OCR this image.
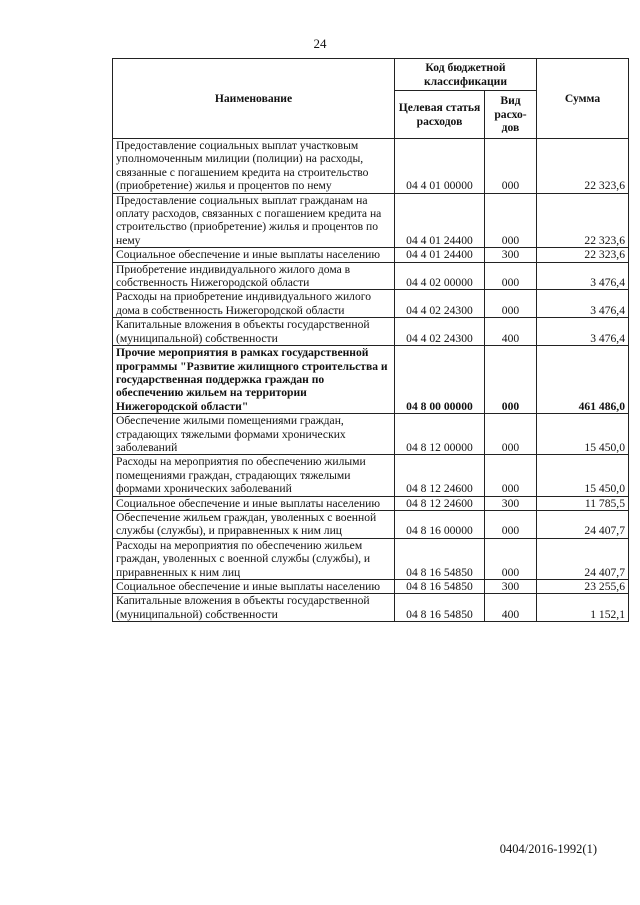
24
Наименование	Код бюджетной классификации		Сумма
	Целевая статья расходов	Вид расхо-дов	
Предоставление социальных выплат участковым уполномоченным милиции (полиции) на расходы, связанные с погашением кредита на строительство (приобретение) жилья и процентов по нему	04 4 01 00000	000	22 323,6
Предоставление социальных выплат гражданам на оплату расходов, связанных с погашением кредита на строительство (приобретение) жилья и процентов по нему	04 4 01 24400	000	22 323,6
Социальное обеспечение и иные выплаты населению	04 4 01 24400	300	22 323,6
Приобретение индивидуального жилого дома в собственность Нижегородской области	04 4 02 00000	000	3 476,4
Расходы на приобретение индивидуального жилого дома в собственность Нижегородской области	04 4 02 24300	000	3 476,4
Капитальные вложения в объекты государственной (муниципальной) собственности	04 4 02 24300	400	3 476,4
Прочие мероприятия в рамках государственной программы "Развитие жилищного строительства и государственная поддержка граждан по обеспечению жильем на территории Нижегородской области"	04 8 00 00000	000	461 486,0
Обеспечение жилыми помещениями граждан, страдающих тяжелыми формами хронических заболеваний	04 8 12 00000	000	15 450,0
Расходы на мероприятия по обеспечению жилыми помещениями граждан, страдающих тяжелыми формами хронических заболеваний	04 8 12 24600	000	15 450,0
Социальное обеспечение и иные выплаты населению	04 8 12 24600	300	11 785,5
Обеспечение жильем граждан, уволенных с военной службы (службы), и приравненных к ним лиц	04 8 16 00000	000	24 407,7
Расходы на мероприятия по обеспечению жильем граждан, уволенных с военной службы (службы), и приравненных к ним лиц	04 8 16 54850	000	24 407,7
Социальное обеспечение и иные выплаты населению	04 8 16 54850	300	23 255,6
Капитальные вложения в объекты государственной (муниципальной) собственности	04 8 16 54850	400	1 152,1
0404/2016-1992(1)
